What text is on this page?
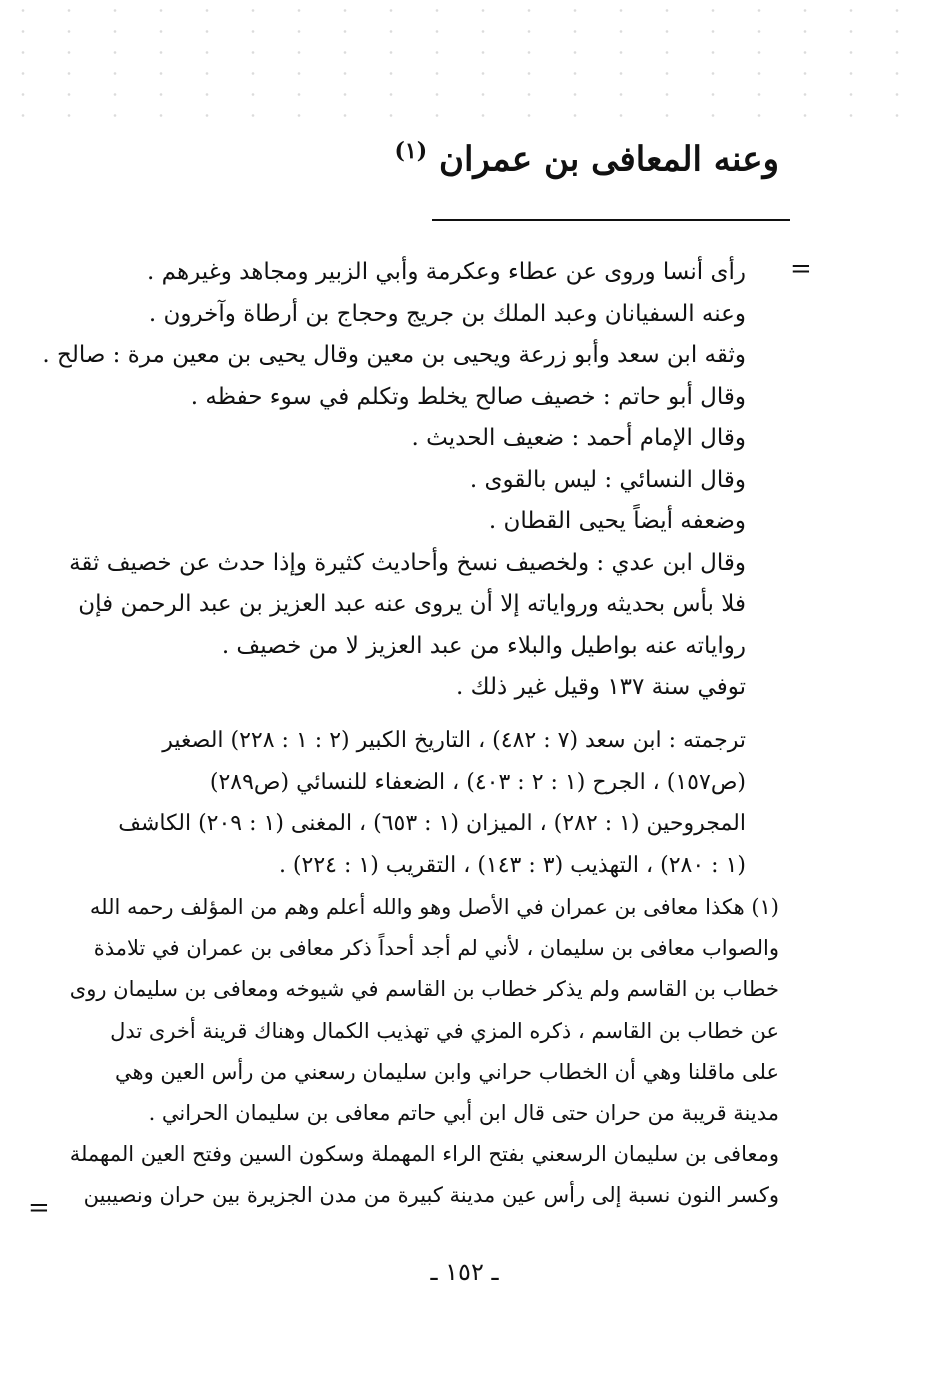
وعنه المعافى بن عمران $^{(١)}$
=
رأى أنسا وروى عن عطاء وعكرمة وأبي الزبير ومجاهد وغيرهم .
وعنه السفيانان وعبد الملك بن جريج وحجاج بن أرطاة وآخرون .
وثقه ابن سعد وأبو زرعة ويحيى بن معين وقال يحيى بن معين مرة : صالح .
وقال أبو حاتم : خصيف صالح يخلط وتكلم في سوء حفظه .
وقال الإمام أحمد : ضعيف الحديث .
وقال النسائي : ليس بالقوى .
وضعفه أيضاً يحيى القطان .
وقال ابن عدي : ولخصيف نسخ وأحاديث كثيرة وإذا حدث عن خصيف ثقة
فلا بأس بحديثه ورواياته إلا أن يروى عنه عبد العزيز بن عبد الرحمن فإن
رواياته عنه بواطيل والبلاء من عبد العزيز لا من خصيف .
توفي سنة ١٣٧ وقيل غير ذلك .
ترجمته : ابن سعد (٧ : ٤٨٢) ، التاريخ الكبير (٢ : ١ : ٢٢٨) الصغير
(ص١٥٧) ، الجرح (١ : ٢ : ٤٠٣) ، الضعفاء للنسائي (ص٢٨٩)
المجروحين (١ : ٢٨٢) ، الميزان (١ : ٦٥٣) ، المغنى (١ : ٢٠٩) الكاشف
(١ : ٢٨٠) ، التهذيب (٣ : ١٤٣) ، التقريب (١ : ٢٢٤) .
(١) هكذا معافى بن عمران في الأصل وهو والله أعلم وهم من المؤلف رحمه الله
والصواب معافى بن سليمان ، لأني لم أجد أحداً ذكر معافى بن عمران في تلامذة
خطاب بن القاسم ولم يذكر خطاب بن القاسم في شيوخه ومعافى بن سليمان روى
عن خطاب بن القاسم ، ذكره المزي في تهذيب الكمال وهناك قرينة أخرى تدل
على ماقلنا وهي أن الخطاب حراني وابن سليمان رسعني من رأس العين وهي
مدينة قريبة من حران حتى قال ابن أبي حاتم معافى بن سليمان الحراني .
ومعافى بن سليمان الرسعني بفتح الراء المهملة وسكون السين وفتح العين المهملة
وكسر النون نسبة إلى رأس عين مدينة كبيرة من مدن الجزيرة بين حران ونصيبين
=
ـ ١٥٢ ـ
